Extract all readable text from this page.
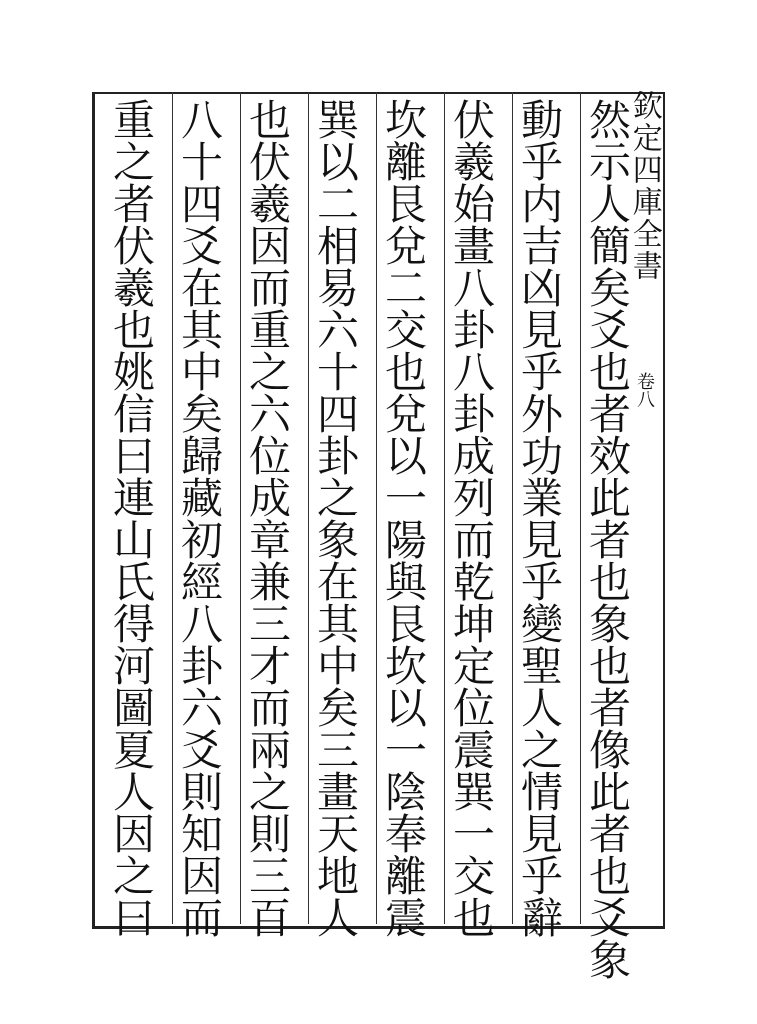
欽定四庫全書
卷八
然
示
人
簡
矣
爻
也
者
效
此
者
也
象
也
者
像
此
者
也
爻
象
動
乎
内
吉
凶
見
乎
外
功
業
見
乎
變
聖
人
之
情
見
乎
辭
伏
羲
始
畫
八
卦
八
卦
成
列
而
乾
坤
定
位
震
巽
一
交
也
坎
離
艮
兌
二
交
也
兌
以
一
陽
與
艮
坎
以
一
陰
奉
離
震
巽
以
二
相
易
六
十
四
卦
之
象
在
其
中
矣
三
畫
天
地
人
也
伏
羲
因
而
重
之
六
位
成
章
兼
三
才
而
兩
之
則
三
百
八
十
四
爻
在
其
中
矣
歸
藏
初
經
八
卦
六
爻
則
知
因
而
重
之
者
伏
羲
也
姚
信
曰
連
山
氏
得
河
圖
夏
人
因
之
曰
